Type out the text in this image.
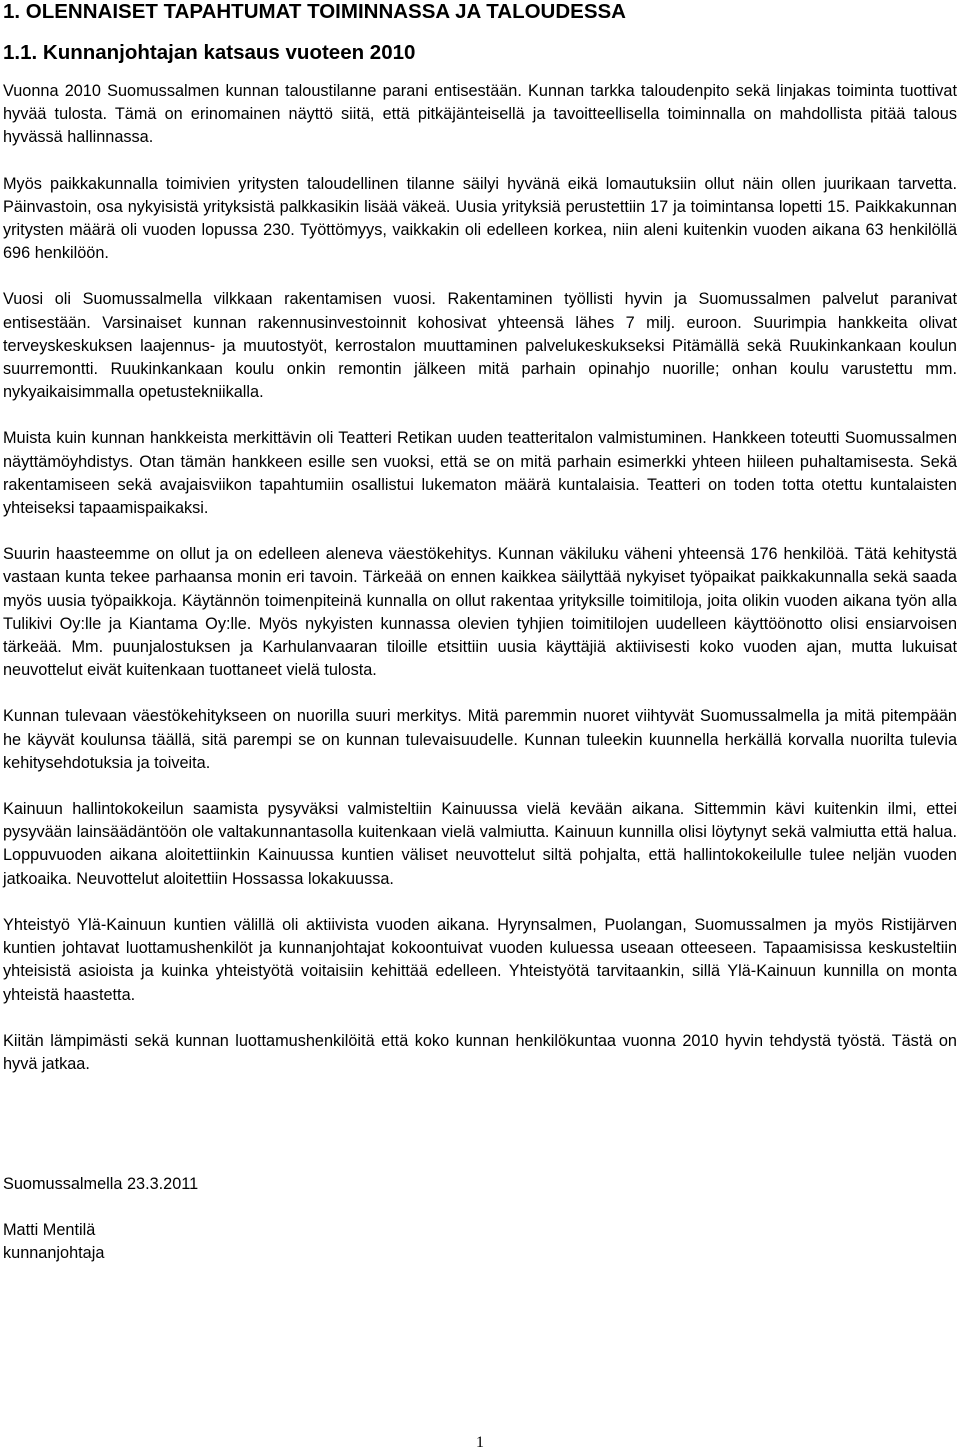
1. OLENNAISET TAPAHTUMAT TOIMINNASSA JA TALOUDESSA
1.1. Kunnanjohtajan katsaus vuoteen 2010

Vuonna 2010 Suomussalmen kunnan taloustilanne parani entisestään. Kunnan tarkka taloudenpito sekä linjakas toiminta tuottivat hyvää tulosta. Tämä on erinomainen näyttö siitä, että pitkäjänteisellä ja tavoitteellisella toiminnalla on mahdollista pitää talous hyvässä hallinnassa.

Myös paikkakunnalla toimivien yritysten taloudellinen tilanne säilyi hyvänä eikä lomautuksiin ollut näin ollen juurikaan tarvetta. Päinvastoin, osa nykyisistä yrityksistä palkkasikin lisää väkeä. Uusia yrityksiä perustettiin 17 ja toimintansa lopetti 15. Paikkakunnan yritysten määrä oli vuoden lopussa 230. Työttömyys, vaikkakin oli edelleen korkea, niin aleni kuitenkin vuoden aikana 63 henkilöllä 696 henkilöön.

Vuosi oli Suomussalmella vilkkaan rakentamisen vuosi. Rakentaminen työllisti hyvin ja Suomussalmen palvelut paranivat entisestään. Varsinaiset kunnan rakennusinvestoinnit kohosivat yhteensä lähes 7 milj. euroon. Suurimpia hankkeita olivat terveyskeskuksen laajennus- ja muutostyöt, kerrostalon muuttaminen palvelukeskukseksi Pitämällä sekä Ruukinkankaan koulun suurremontti. Ruukinkankaan koulu onkin remontin jälkeen mitä parhain opinahjo nuorille; onhan koulu varustettu mm. nykyaikaisimmalla opetustekniikalla.

Muista kuin kunnan hankkeista merkittävin oli Teatteri Retikan uuden teatteritalon valmistuminen. Hankkeen toteutti Suomussalmen näyttämöyhdistys. Otan tämän hankkeen esille sen vuoksi, että se on mitä parhain esimerkki yhteen hiileen puhaltamisesta. Sekä rakentamiseen sekä avajaisviikon tapahtumiin osallistui lukematon määrä kuntalaisia. Teatteri on toden totta otettu kuntalaisten yhteiseksi tapaamispaikaksi.

Suurin haasteemme on ollut ja on edelleen aleneva väestökehitys. Kunnan väkiluku väheni yhteensä 176 henkilöä. Tätä kehitystä vastaan kunta tekee parhaansa monin eri tavoin. Tärkeää on ennen kaikkea säilyttää nykyiset työpaikat paikkakunnalla sekä saada myös uusia työpaikkoja. Käytännön toimenpiteinä kunnalla on ollut rakentaa yrityksille toimitiloja, joita olikin vuoden aikana työn alla Tulikivi Oy:lle ja Kiantama Oy:lle. Myös nykyisten kunnassa olevien tyhjien toimitilojen uudelleen käyttöönotto olisi ensiarvoisen tärkeää. Mm. puunjalostuksen ja Karhulanvaaran tiloille etsittiin uusia käyttäjiä aktiivisesti koko vuoden ajan, mutta lukuisat neuvottelut eivät kuitenkaan tuottaneet vielä tulosta.

Kunnan tulevaan väestökehitykseen on nuorilla suuri merkitys. Mitä paremmin nuoret viihtyvät Suomussalmella ja mitä pitempään he käyvät koulunsa täällä, sitä parempi se on kunnan tulevaisuudelle. Kunnan tuleekin kuunnella herkällä korvalla nuorilta tulevia kehitysehdotuksia ja toiveita.

Kainuun hallintokokeilun saamista pysyväksi valmisteltiin Kainuussa vielä kevään aikana. Sittemmin kävi kuitenkin ilmi, ettei pysyvään lainsäädäntöön ole valtakunnantasolla kuitenkaan vielä valmiutta. Kainuun kunnilla olisi löytynyt sekä valmiutta että halua. Loppuvuoden aikana aloitettiinkin Kainuussa kuntien väliset neuvottelut siltä pohjalta, että hallintokokeilulle tulee neljän vuoden jatkoaika. Neuvottelut aloitettiin Hossassa lokakuussa.

Yhteistyö Ylä-Kainuun kuntien välillä oli aktiivista vuoden aikana. Hyrynsalmen, Puolangan, Suomussalmen ja myös Ristijärven kuntien johtavat luottamushenkilöt ja kunnanjohtajat kokoontuivat vuoden kuluessa useaan otteeseen. Tapaamisissa keskusteltiin yhteisistä asioista ja kuinka yhteistyötä voitaisiin kehittää edelleen. Yhteistyötä tarvitaankin, sillä Ylä-Kainuun kunnilla on monta yhteistä haastetta.

Kiitän lämpimästi sekä kunnan luottamushenkilöitä että koko kunnan henkilökuntaa vuonna 2010 hyvin tehdystä työstä. Tästä on hyvä jatkaa.

Suomussalmella 23.3.2011

Matti Mentilä
kunnanjohtaja

1
